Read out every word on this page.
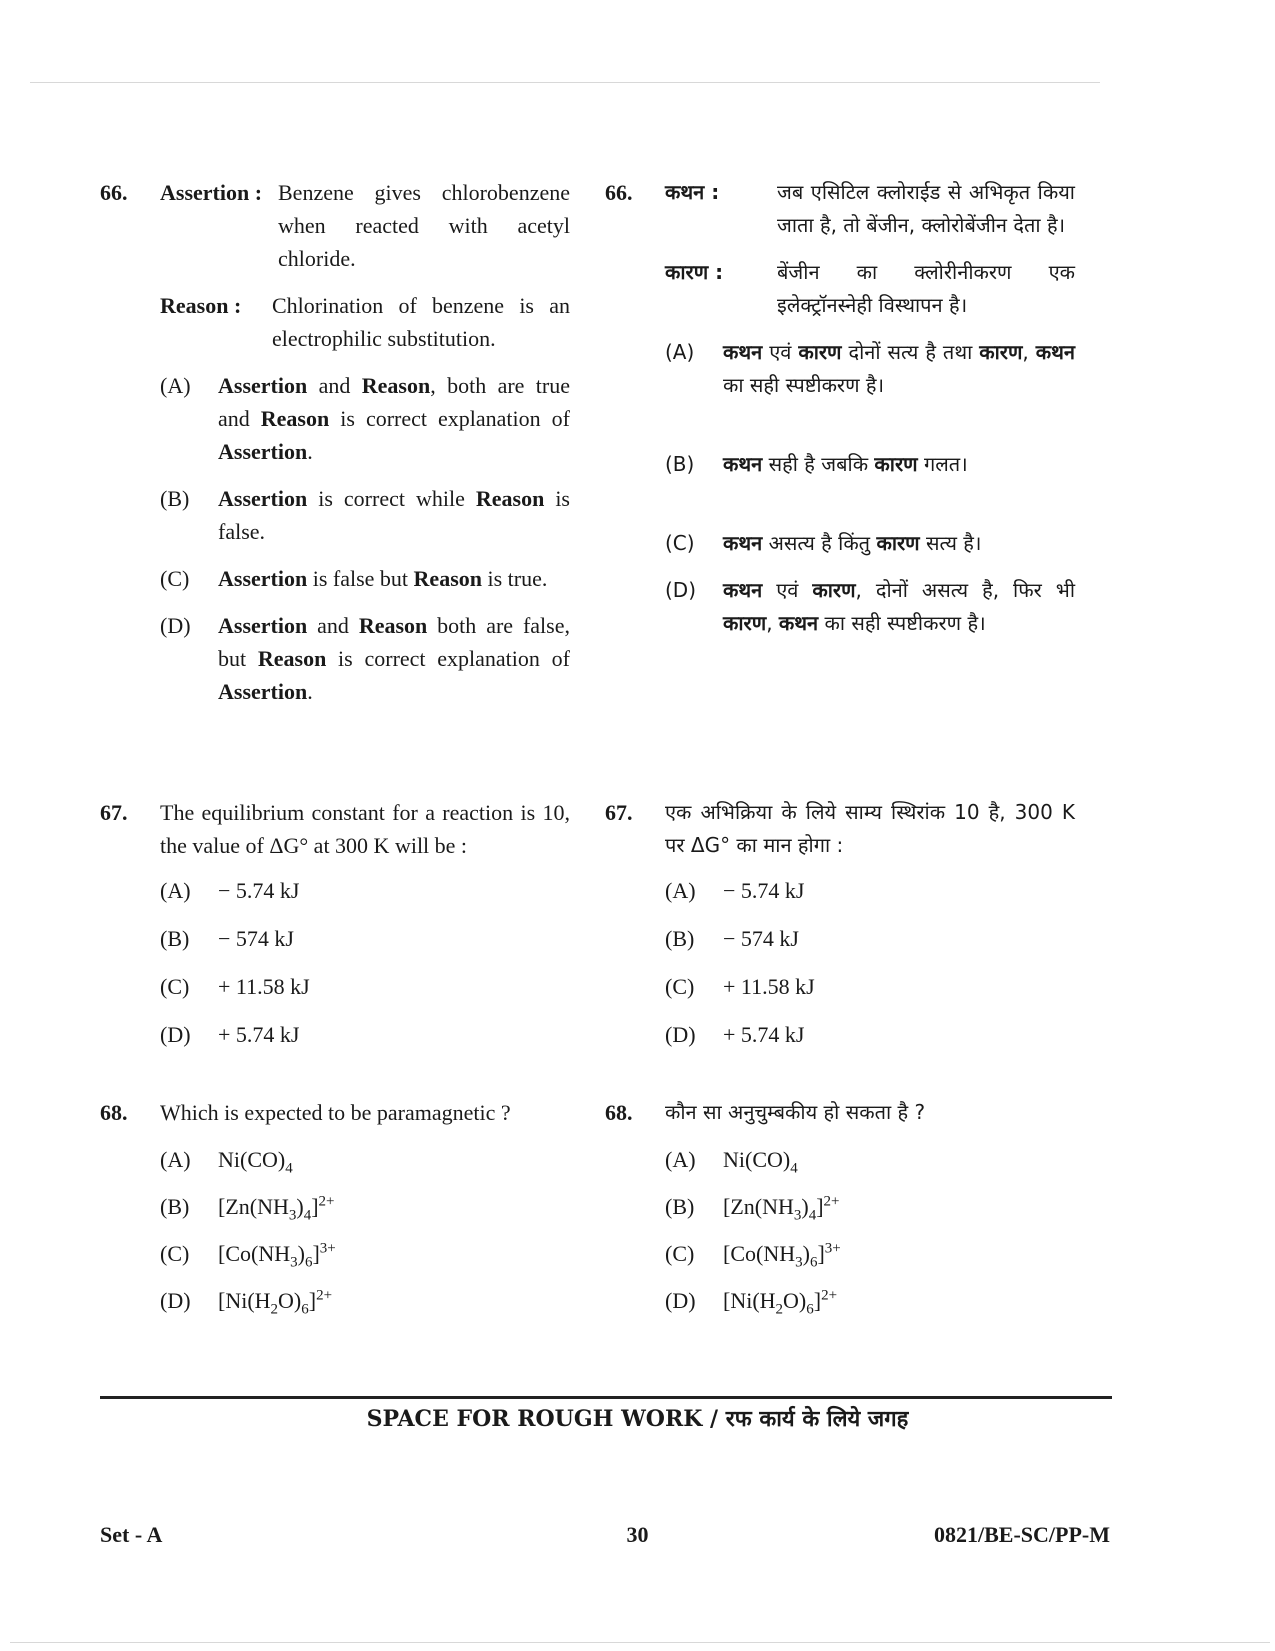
66. Assertion : Benzene gives chlorobenzene when reacted with acetyl chloride.
Reason :	Chlorination of benzene is an electrophilic substitution.
(A) Assertion and Reason, both are true and Reason is correct explanation of Assertion.
(B) Assertion is correct while Reason is false.
(C) Assertion is false but Reason is true.
(D) Assertion and Reason both are false, but Reason is correct explanation of Assertion.
67. The equilibrium constant for a reaction is 10, the value of ΔG° at 300 K will be :
(A) − 5.74 kJ
(B) − 574 kJ
(C) + 11.58 kJ
(D) + 5.74 kJ
68. Which is expected to be paramagnetic ?
(A) $Ni(CO)_4$
(B) $[Zn(NH_3)_4]^{2+}$
(C) $[Co(NH_3)_6]^{3+}$
(D) $[Ni(H_2O)_6]^{2+}$
66. कथन :	जब एसिटिल क्लोराईड से अभिकृत किया जाता है, तो बेंजीन, क्लोरोबेंजीन देता है।
कारण :	बेंजीन का क्लोरीनीकरण एक इलेक्ट्रॉनस्नेही विस्थापन है।
(A) कथन एवं कारण दोनों सत्य है तथा कारण, कथन का सही स्पष्टीकरण है।
(B) कथन सही है जबकि कारण गलत।
(C) कथन असत्य है किंतु कारण सत्य है।
(D) कथन एवं कारण, दोनों असत्य है, फिर भी कारण, कथन का सही स्पष्टीकरण है।
67. एक अभिक्रिया के लिये साम्य स्थिरांक 10 है, 300 K पर ΔG° का मान होगा :
(A) − 5.74 kJ
(B) − 574 kJ
(C) + 11.58 kJ
(D) + 5.74 kJ
68. कौन सा अनुचुम्बकीय हो सकता है ?
(A) $Ni(CO)_4$
(B) $[Zn(NH_3)_4]^{2+}$
(C) $[Co(NH_3)_6]^{3+}$
(D) $[Ni(H_2O)_6]^{2+}$
SPACE FOR ROUGH WORK / रफ कार्य के लिये जगह
Set - A	30	0821/BE-SC/PP-M
